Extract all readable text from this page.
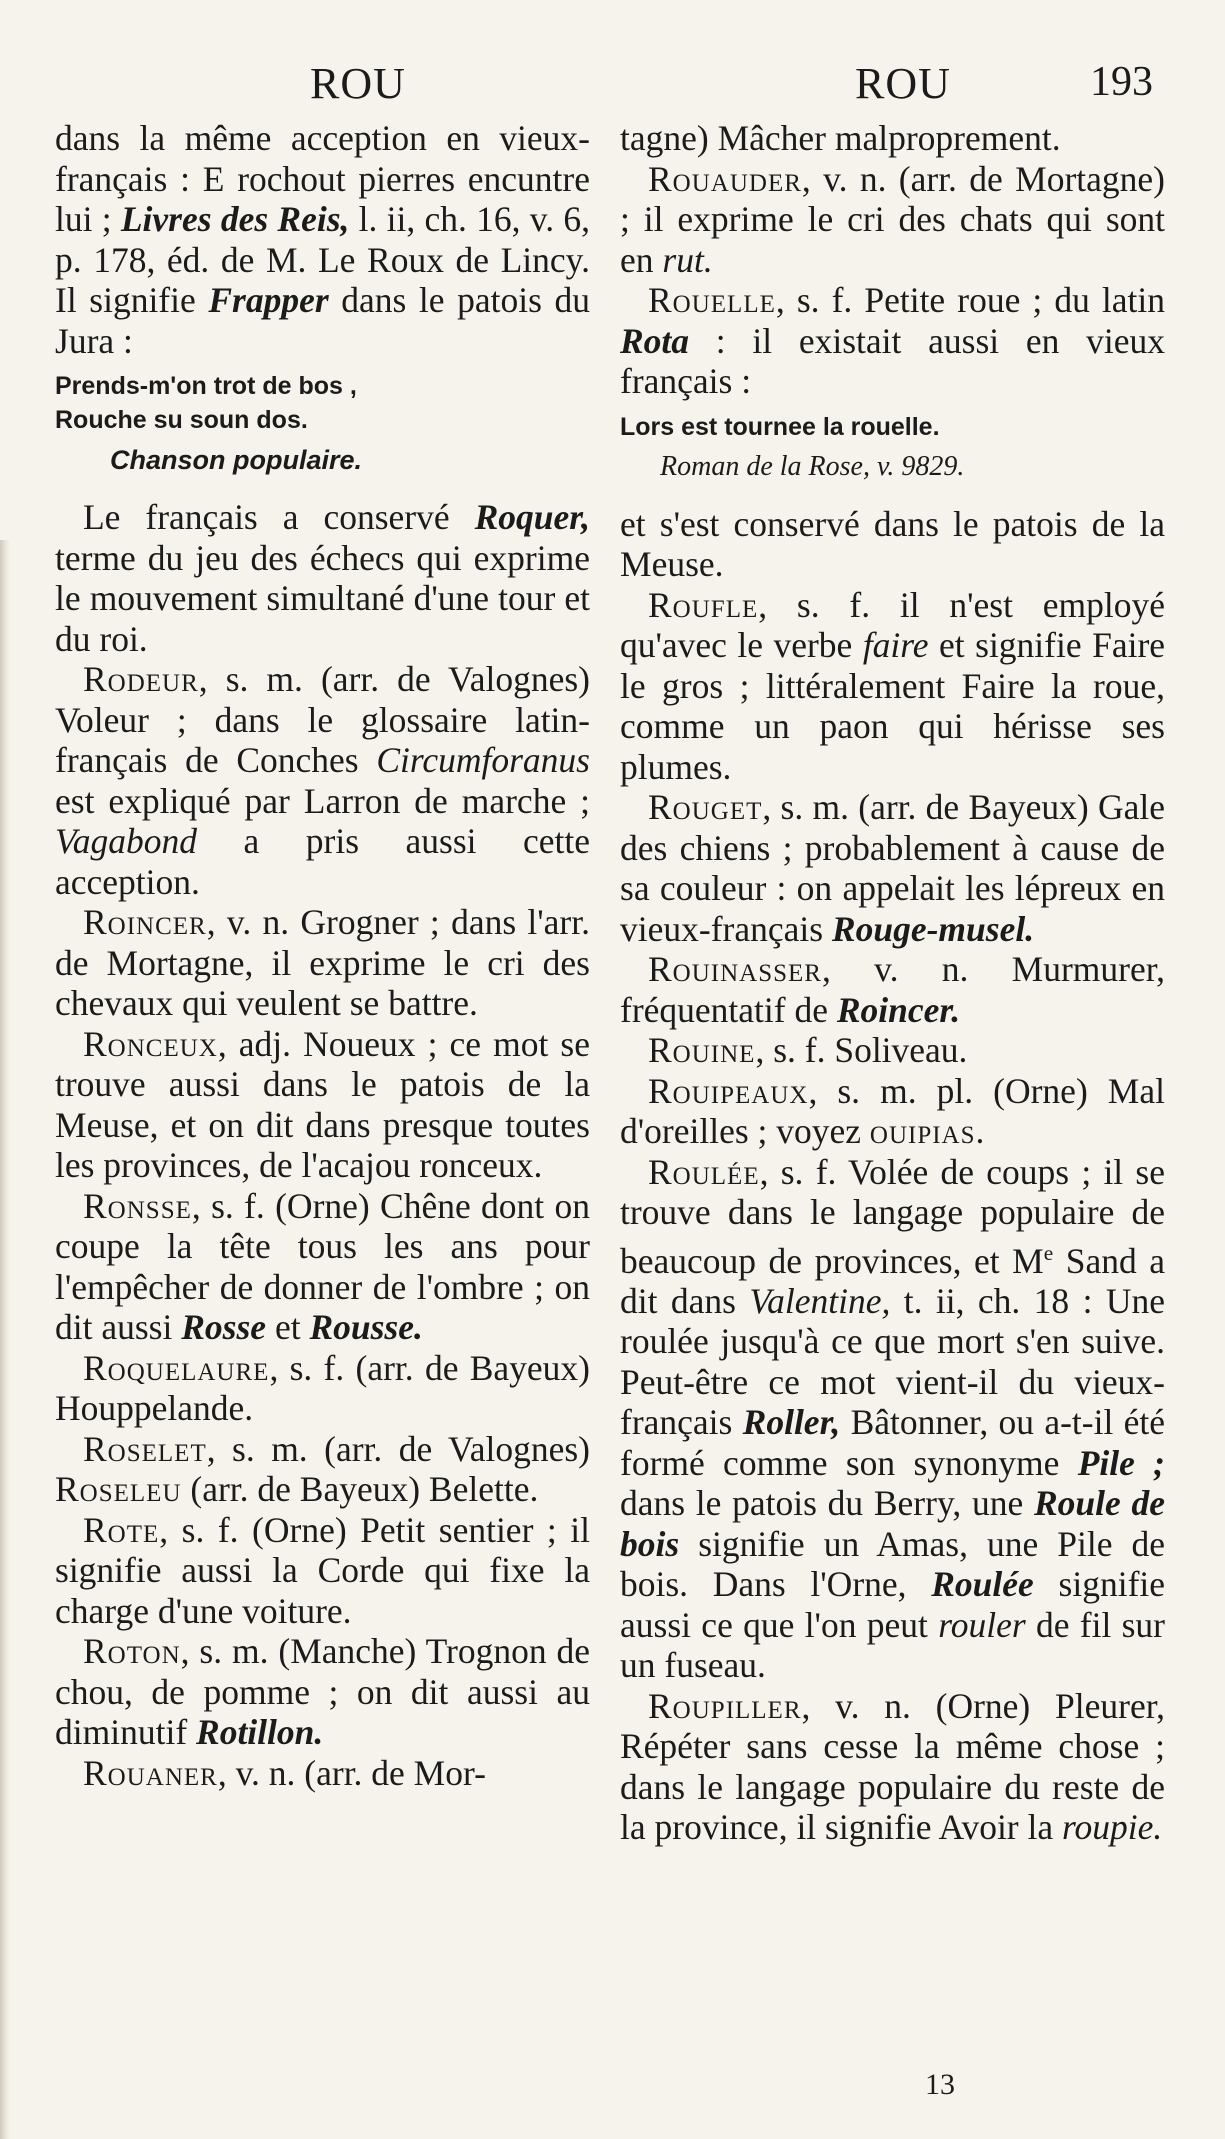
ROU	ROU	193

dans la même acception en vieux-français : E rochout pierres encuntre lui ; Livres des Reis, l. ii, ch. 16, v. 6, p. 178, éd. de M. Le Roux de Lincy. Il signifie Frapper dans le patois du Jura :

Prends-m'on trot de bos ,
Rouche su soun dos.
Chanson populaire.

Le français a conservé Roquer, terme du jeu des échecs qui exprime le mouvement simultané d'une tour et du roi.

Rodeur, s. m. (arr. de Valognes) Voleur ; dans le glossaire latin-français de Conches Circumforanus est expliqué par Larron de marche ; Vagabond a pris aussi cette acception.

Roincer, v. n. Grogner ; dans l'arr. de Mortagne, il exprime le cri des chevaux qui veulent se battre.

Ronceux, adj. Noueux ; ce mot se trouve aussi dans le patois de la Meuse, et on dit dans presque toutes les provinces, de l'acajou ronceux.

Ronsse, s. f. (Orne) Chêne dont on coupe la tête tous les ans pour l'empêcher de donner de l'ombre ; on dit aussi Rosse et Rousse.

Roquelaure, s. f. (arr. de Bayeux) Houppelande.

Roselet, s. m. (arr. de Valognes) Roseleu (arr. de Bayeux) Belette.

Rote, s. f. (Orne) Petit sentier ; il signifie aussi la Corde qui fixe la charge d'une voiture.

Roton, s. m. (Manche) Trognon de chou, de pomme ; on dit aussi au diminutif Rotillon.

Rouaner, v. n. (arr. de Mor-

tagne) Mâcher malproprement.

Rouauder, v. n. (arr. de Mortagne) ; il exprime le cri des chats qui sont en rut.

Rouelle, s. f. Petite roue ; du latin Rota : il existait aussi en vieux français :

Lors est tournee la rouelle.
Roman de la Rose, v. 9829.

et s'est conservé dans le patois de la Meuse.

Roufle, s. f. il n'est employé qu'avec le verbe faire et signifie Faire le gros ; littéralement Faire la roue, comme un paon qui hérisse ses plumes.

Rouget, s. m. (arr. de Bayeux) Gale des chiens ; probablement à cause de sa couleur : on appelait les lépreux en vieux-français Rouge-musel.

Rouinasser, v. n. Murmurer, fréquentatif de Roincer.

Rouine, s. f. Soliveau.

Rouipeaux, s. m. pl. (Orne) Mal d'oreilles ; voyez ouipias.

Roulée, s. f. Volée de coups ; il se trouve dans le langage populaire de beaucoup de provinces, et Me Sand a dit dans Valentine, t. ii, ch. 18 : Une roulée jusqu'à ce que mort s'en suive. Peut-être ce mot vient-il du vieux-français Roller, Bâtonner, ou a-t-il été formé comme son synonyme Pile ; dans le patois du Berry, une Roule de bois signifie un Amas, une Pile de bois. Dans l'Orne, Roulée signifie aussi ce que l'on peut rouler de fil sur un fuseau.

Roupiller, v. n. (Orne) Pleurer, Répéter sans cesse la même chose ; dans le langage populaire du reste de la province, il signifie Avoir la roupie.

13
